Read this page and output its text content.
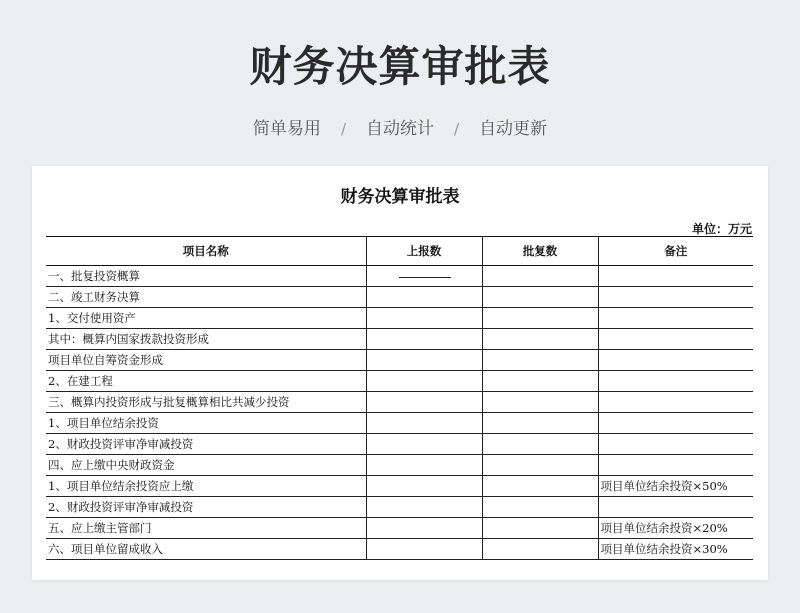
财务决算审批表
简单易用 / 自动统计 / 自动更新
财务决算审批表
单位：万元
项目名称	上报数	批复数	备注
一、批复投资概算			
二、竣工财务决算			
1、交付使用资产			
其中：概算内国家拨款投资形成			
项目单位自筹资金形成			
2、在建工程			
三、概算内投资形成与批复概算相比共减少投资			
1、项目单位结余投资			
2、财政投资评审净审减投资			
四、应上缴中央财政资金			
1、项目单位结余投资应上缴			项目单位结余投资×50%
2、财政投资评审净审减投资			
五、应上缴主管部门			项目单位结余投资×20%
六、项目单位留成收入			项目单位结余投资×30%
